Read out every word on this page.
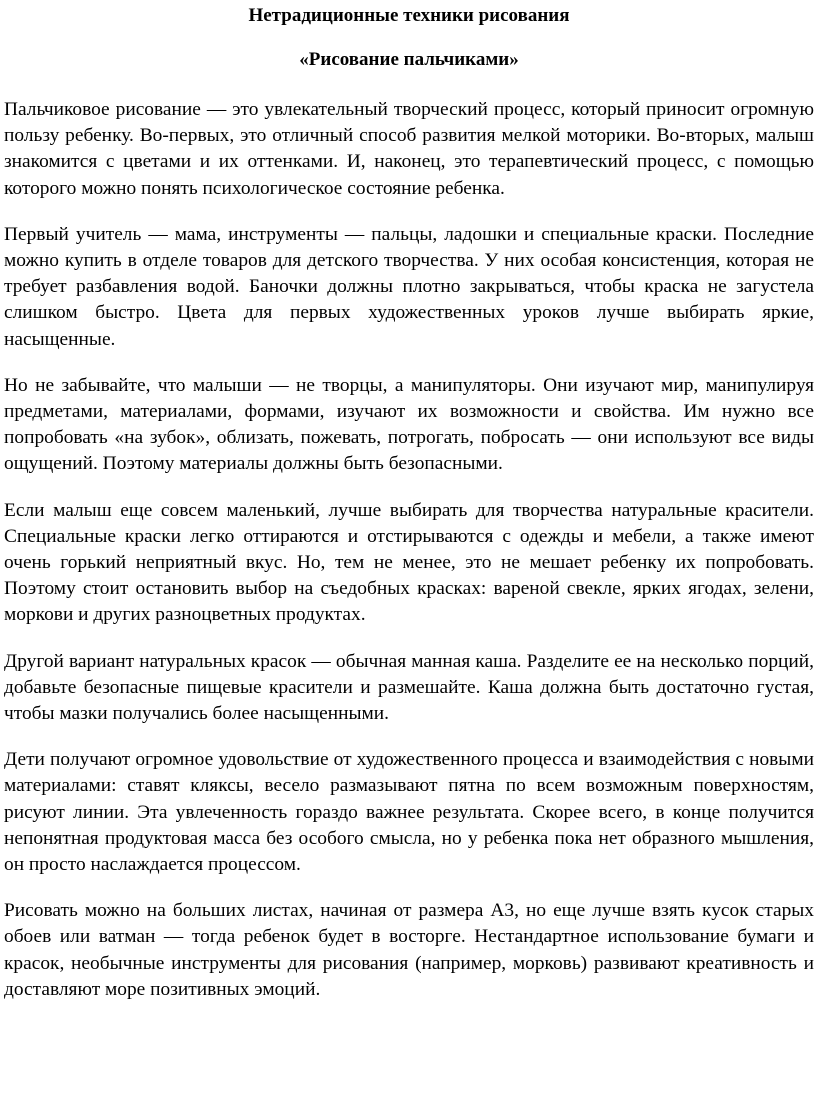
Нетрадиционные техники рисования
«Рисование пальчиками»

Пальчиковое рисование — это увлекательный творческий процесс, который приносит огромную пользу ребенку. Во-первых, это отличный способ развития мелкой моторики. Во-вторых, малыш знакомится с цветами и их оттенками. И, наконец, это терапевтический процесс, с помощью которого можно понять психологическое состояние ребенка.

Первый учитель — мама, инструменты — пальцы, ладошки и специальные краски. Последние можно купить в отделе товаров для детского творчества. У них особая консистенция, которая не требует разбавления водой. Баночки должны плотно закрываться, чтобы краска не загустела слишком быстро. Цвета для первых художественных уроков лучше выбирать яркие, насыщенные.

Но не забывайте, что малыши — не творцы, а манипуляторы. Они изучают мир, манипулируя предметами, материалами, формами, изучают их возможности и свойства. Им нужно все попробовать «на зубок», облизать, пожевать, потрогать, побросать — они используют все виды ощущений. Поэтому материалы должны быть безопасными.

Если малыш еще совсем маленький, лучше выбирать для творчества натуральные красители. Специальные краски легко оттираются и отстирываются с одежды и мебели, а также имеют очень горький неприятный вкус. Но, тем не менее, это не мешает ребенку их попробовать. Поэтому стоит остановить выбор на съедобных красках: вареной свекле, ярких ягодах, зелени, моркови и других разноцветных продуктах.

Другой вариант натуральных красок — обычная манная каша. Разделите ее на несколько порций, добавьте безопасные пищевые красители и размешайте. Каша должна быть достаточно густая, чтобы мазки получались более насыщенными.

Дети получают огромное удовольствие от художественного процесса и взаимодействия с новыми материалами: ставят кляксы, весело размазывают пятна по всем возможным поверхностям, рисуют линии. Эта увлеченность гораздо важнее результата. Скорее всего, в конце получится непонятная продуктовая масса без особого смысла, но у ребенка пока нет образного мышления, он просто наслаждается процессом.

Рисовать можно на больших листах, начиная от размера А3, но еще лучше взять кусок старых обоев или ватман — тогда ребенок будет в восторге. Нестандартное использование бумаги и красок, необычные инструменты для рисования (например, морковь) развивают креативность и доставляют море позитивных эмоций.
